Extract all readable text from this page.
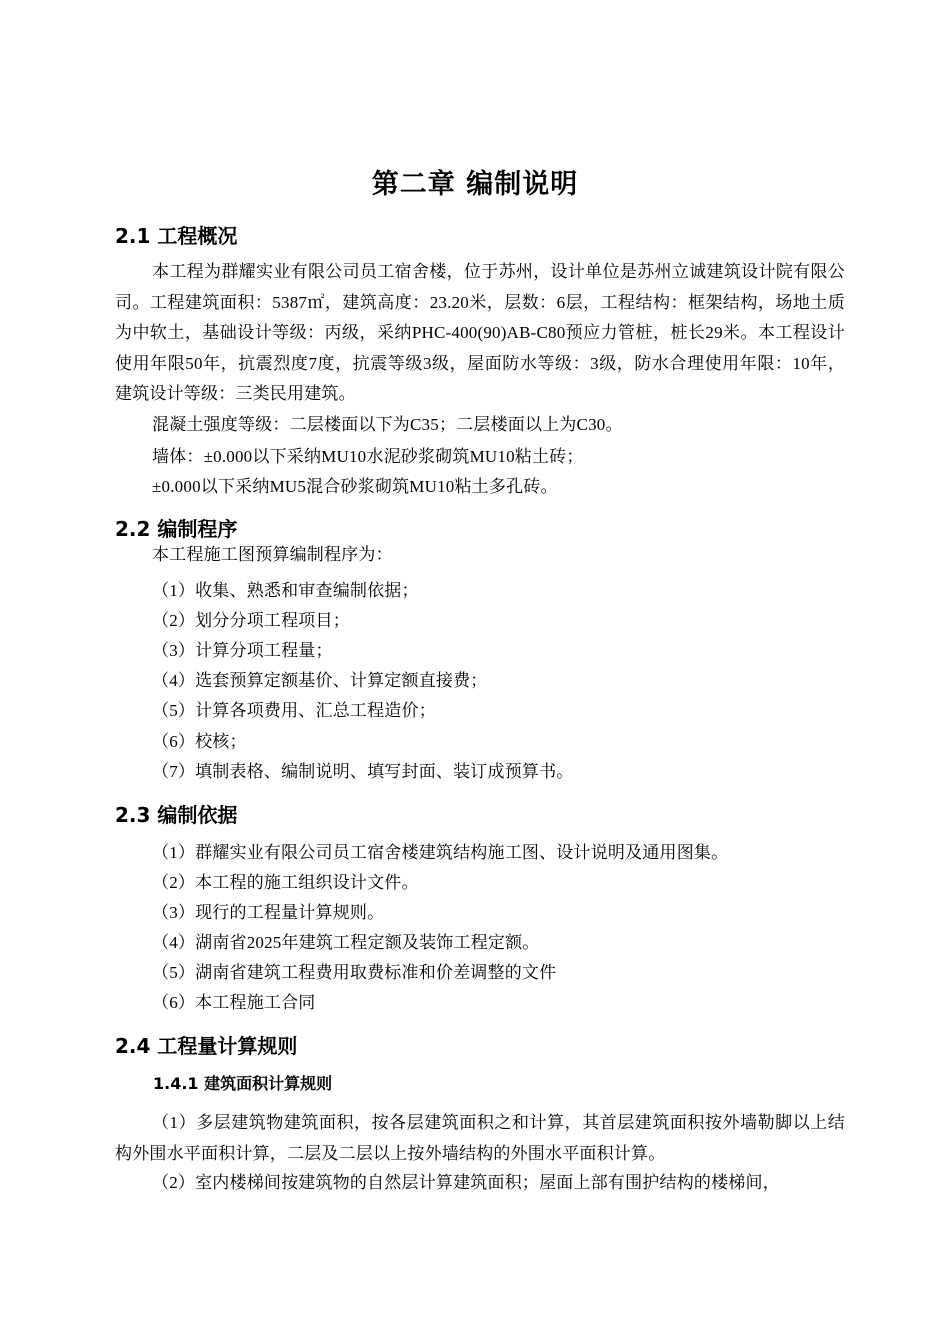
第二章 编制说明
2.1 工程概况
本工程为群耀实业有限公司员工宿舍楼，位于苏州，设计单位是苏州立诚建筑设计院有限公司。工程建筑面积：5387㎡，建筑高度：23.20米，层数：6层，工程结构：框架结构，场地土质为中软土，基础设计等级：丙级，采纳PHC-400(90)AB-C80预应力管桩，桩长29米。本工程设计使用年限50年，抗震烈度7度，抗震等级3级，屋面防水等级：3级，防水合理使用年限：10年，建筑设计等级：三类民用建筑。
混凝土强度等级：二层楼面以下为C35；二层楼面以上为C30。
墙体：±0.000以下采纳MU10水泥砂浆砌筑MU10粘土砖；
±0.000以下采纳MU5混合砂浆砌筑MU10粘土多孔砖。
2.2 编制程序
本工程施工图预算编制程序为：
（1）收集、熟悉和审查编制依据；
（2）划分分项工程项目；
（3）计算分项工程量；
（4）选套预算定额基价、计算定额直接费；
（5）计算各项费用、汇总工程造价；
（6）校核；
（7）填制表格、编制说明、填写封面、装订成预算书。
2.3 编制依据
（1）群耀实业有限公司员工宿舍楼建筑结构施工图、设计说明及通用图集。
（2）本工程的施工组织设计文件。
（3）现行的工程量计算规则。
（4）湖南省2025年建筑工程定额及装饰工程定额。
（5）湖南省建筑工程费用取费标准和价差调整的文件
（6）本工程施工合同
2.4 工程量计算规则
1.4.1 建筑面积计算规则
（1）多层建筑物建筑面积，按各层建筑面积之和计算，其首层建筑面积按外墙勒脚以上结构外围水平面积计算，二层及二层以上按外墙结构的外围水平面积计算。
（2）室内楼梯间按建筑物的自然层计算建筑面积；屋面上部有围护结构的楼梯间，
